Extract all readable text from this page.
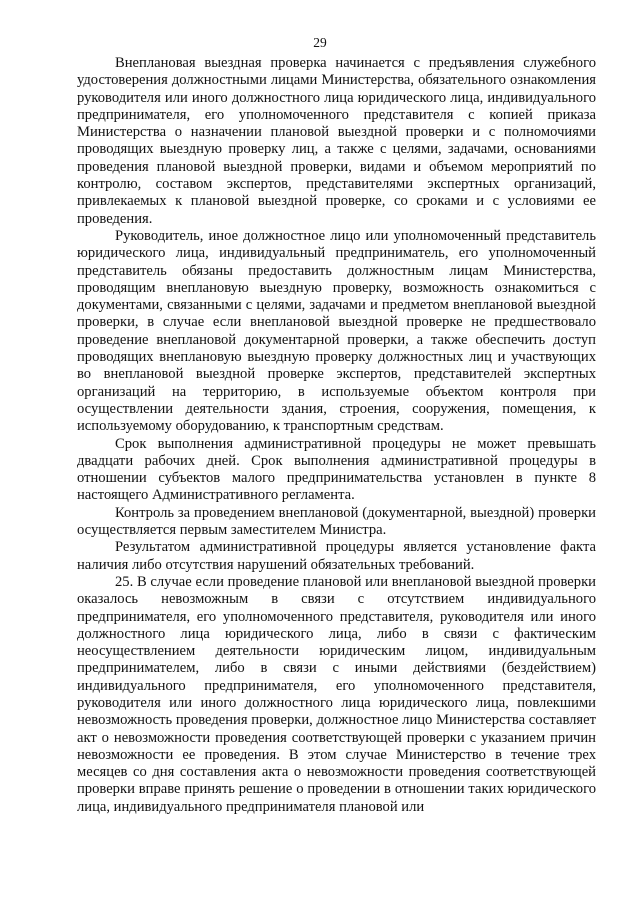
29

Внеплановая выездная проверка начинается с предъявления служебного удостоверения должностными лицами Министерства, обязательного ознакомления руководителя или иного должностного лица юридического лица, индивидуального предпринимателя, его уполномоченного представителя с копией приказа Министерства о назначении плановой выездной проверки и с полномочиями проводящих выездную проверку лиц, а также с целями, задачами, основаниями проведения плановой выездной проверки, видами и объемом мероприятий по контролю, составом экспертов, представителями экспертных организаций, привлекаемых к плановой выездной проверке, со сроками и с условиями ее проведения.

Руководитель, иное должностное лицо или уполномоченный представитель юридического лица, индивидуальный предприниматель, его уполномоченный представитель обязаны предоставить должностным лицам Министерства, проводящим внеплановую выездную проверку, возможность ознакомиться с документами, связанными с целями, задачами и предметом внеплановой выездной проверки, в случае если внеплановой выездной проверке не предшествовало проведение внеплановой документарной проверки, а также обеспечить доступ проводящих внеплановую выездную проверку должностных лиц и участвующих во внеплановой выездной проверке экспертов, представителей экспертных организаций на территорию, в используемые объектом контроля при осуществлении деятельности здания, строения, сооружения, помещения, к используемому оборудованию, к транспортным средствам.

Срок выполнения административной процедуры не может превышать двадцати рабочих дней. Срок выполнения административной процедуры в отношении субъектов малого предпринимательства установлен в пункте 8 настоящего Административного регламента.

Контроль за проведением внеплановой (документарной, выездной) проверки осуществляется первым заместителем Министра.

Результатом административной процедуры является установление факта наличия либо отсутствия нарушений обязательных требований.

25. В случае если проведение плановой или внеплановой выездной проверки оказалось невозможным в связи с отсутствием индивидуального предпринимателя, его уполномоченного представителя, руководителя или иного должностного лица юридического лица, либо в связи с фактическим неосуществлением деятельности юридическим лицом, индивидуальным предпринимателем, либо в связи с иными действиями (бездействием) индивидуального предпринимателя, его уполномоченного представителя, руководителя или иного должностного лица юридического лица, повлекшими невозможность проведения проверки, должностное лицо Министерства составляет акт о невозможности проведения соответствующей проверки с указанием причин невозможности ее проведения. В этом случае Министерство в течение трех месяцев со дня составления акта о невозможности проведения соответствующей проверки вправе принять решение о проведении в отношении таких юридического лица, индивидуального предпринимателя плановой или
